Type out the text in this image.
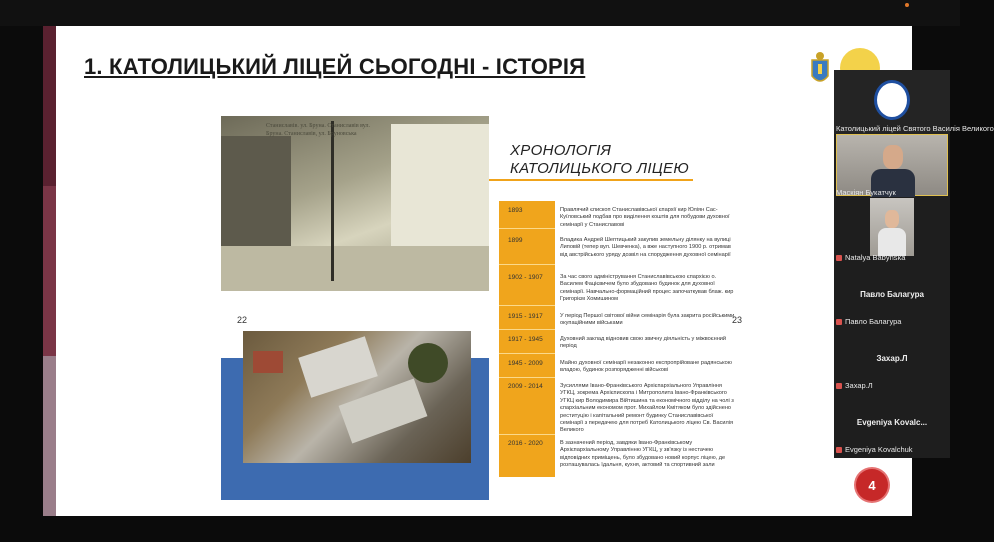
1. КАТОЛИЦЬКИЙ ЛІЦЕЙ СЬОГОДНІ - ІСТОРІЯ
Станиславів. ул. Бруна. Станиславів вул. Бруна. Станиславів, ул. Бруновська
22	23
ХРОНОЛОГІЯ КАТОЛИЦЬКОГО ЛІЦЕЮ
1893	Правлячий єпископ Станиславівської єпархії кир Юліян Сас-Куїловський подбав про виділення коштів для побудови духовної семінарії у Станиславові
1899	Владика Андрей Шептицький закупив земельну ділянку на вулиці Липовій (тепер вул. Шевченка), а вже наступного 1900 р. отримав від австрійського уряду дозвіл на спорудження духовної семінарії
1902 - 1907	За час свого адміністрування Станиславівською єпархією о. Василем Фацієвичем було збудовано будинок для духовної семінарії. Навчально-формаційний процес започаткував блаж. кир Григорієм Хомишином
1915 - 1917	У період Першої світової війни семінарія була закрита російськими окупаційними військами
1917 - 1945	Духовний заклад відновив свою звичну діяльність у міжвоєнний період
1945 - 2009	Майно духовної семінарії незаконно експропрійоване радянською владою, будинок розпорядженні військові
2009 - 2014	Зусиллями Івано-Франківського Архієпархіального Управління УГКЦ, зокрема Архієпископа і Митрополита Івано-Франківського УГКЦ кир Володимира Війтишина та економічного відділу на чолі з єпархіальним економом прот. Михайлом Кмітяком було здійснено реституцію і капітальний ремонт будинку Станиславівської семінарії з передачею для потреб Католицького ліцею Св. Василія Великого
2016 - 2020	В зазначений період, завдяки Івано-Франківському Архієпархіальному Управлінню УГКЦ, у зв'язку із нестачею відповідних приміщень, було збудовано новий корпус ліцею, де розташувалась їдальня, кухня, актовий та спортивний зали
4
Католицький ліцей Святого Василія Великого
Маскіян Букатчук
Natalya Babynska
Павло Балагура
Павло Балагура
Захар.Л
Захар.Л
Evgeniya Kovalc...
Evgeniya Kovalchuk
